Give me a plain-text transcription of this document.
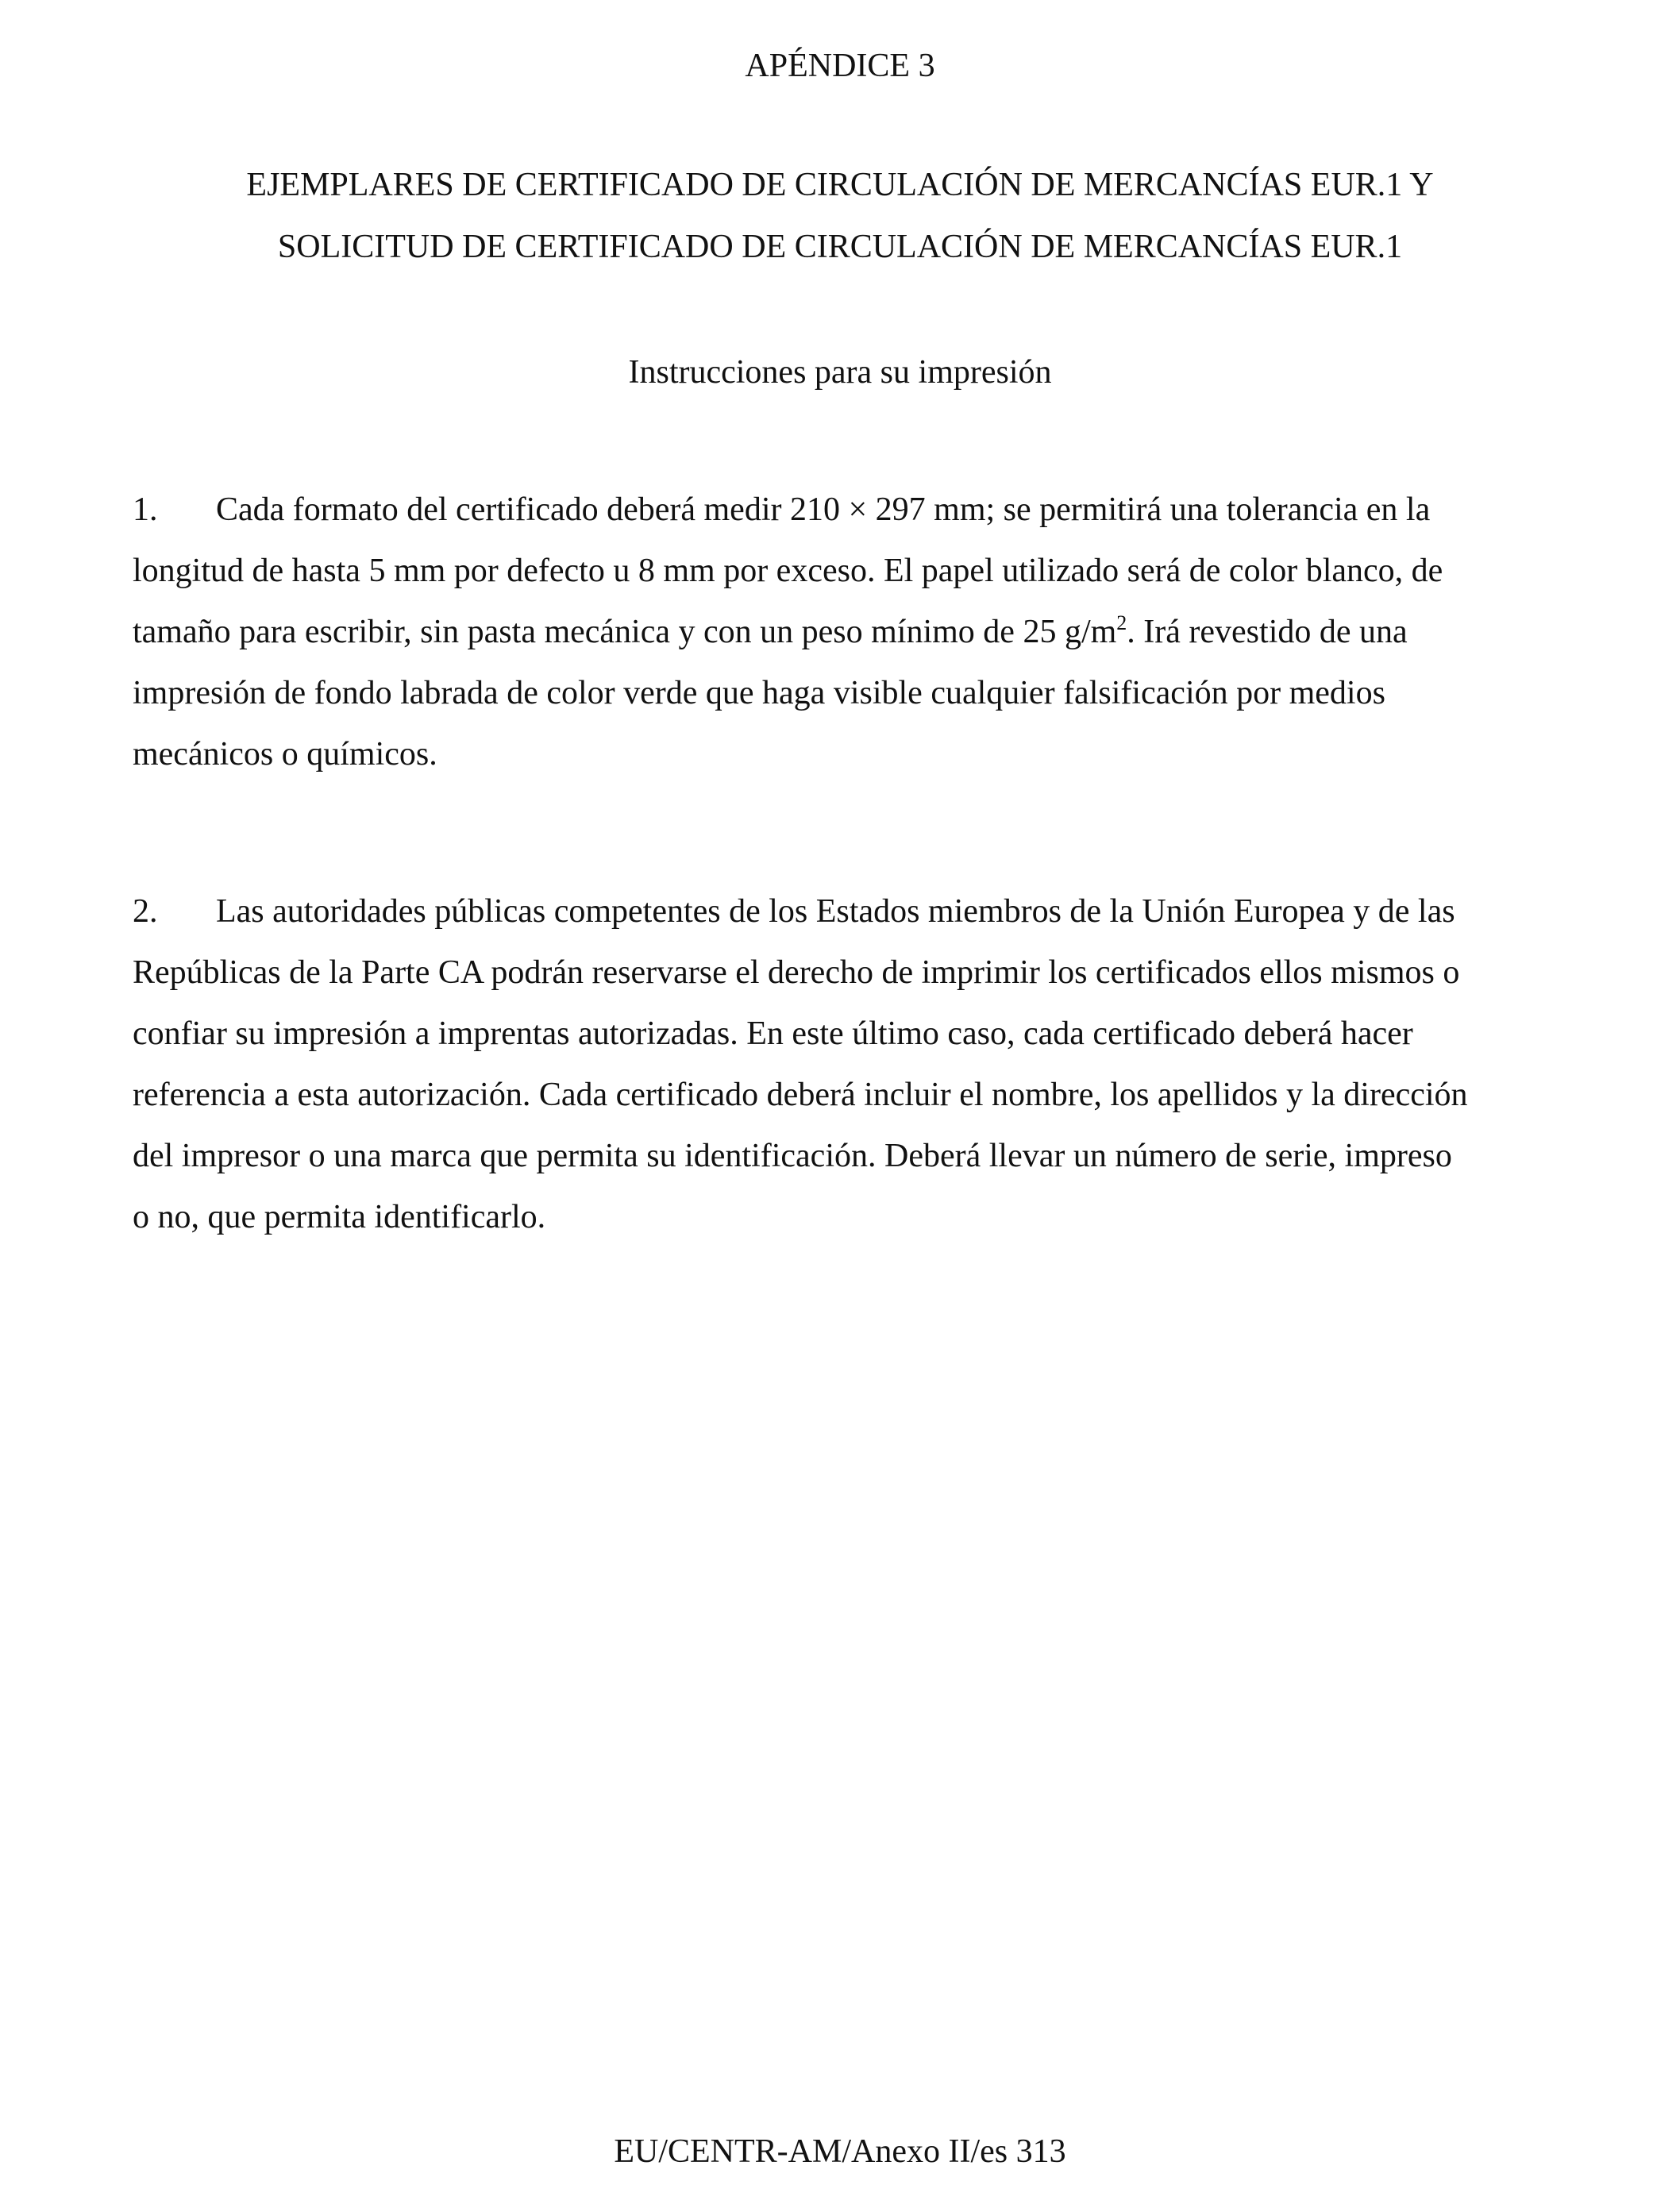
APÉNDICE 3
EJEMPLARES DE CERTIFICADO DE CIRCULACIÓN DE MERCANCÍAS EUR.1 Y
SOLICITUD DE CERTIFICADO DE CIRCULACIÓN DE MERCANCÍAS EUR.1
Instrucciones para su impresión
1. Cada formato del certificado deberá medir 210 × 297 mm; se permitirá una tolerancia en la
longitud de hasta 5 mm por defecto u 8 mm por exceso. El papel utilizado será de color blanco, de
tamaño para escribir, sin pasta mecánica y con un peso mínimo de 25 $g/m^2$. Irá revestido de una
impresión de fondo labrada de color verde que haga visible cualquier falsificación por medios
mecánicos o químicos.
2. Las autoridades públicas competentes de los Estados miembros de la Unión Europea y de las
Repúblicas de la Parte CA podrán reservarse el derecho de imprimir los certificados ellos mismos o
confiar su impresión a imprentas autorizadas. En este último caso, cada certificado deberá hacer
referencia a esta autorización. Cada certificado deberá incluir el nombre, los apellidos y la dirección
del impresor o una marca que permita su identificación. Deberá llevar un número de serie, impreso
o no, que permita identificarlo.
EU/CENTR-AM/Anexo II/es 313
